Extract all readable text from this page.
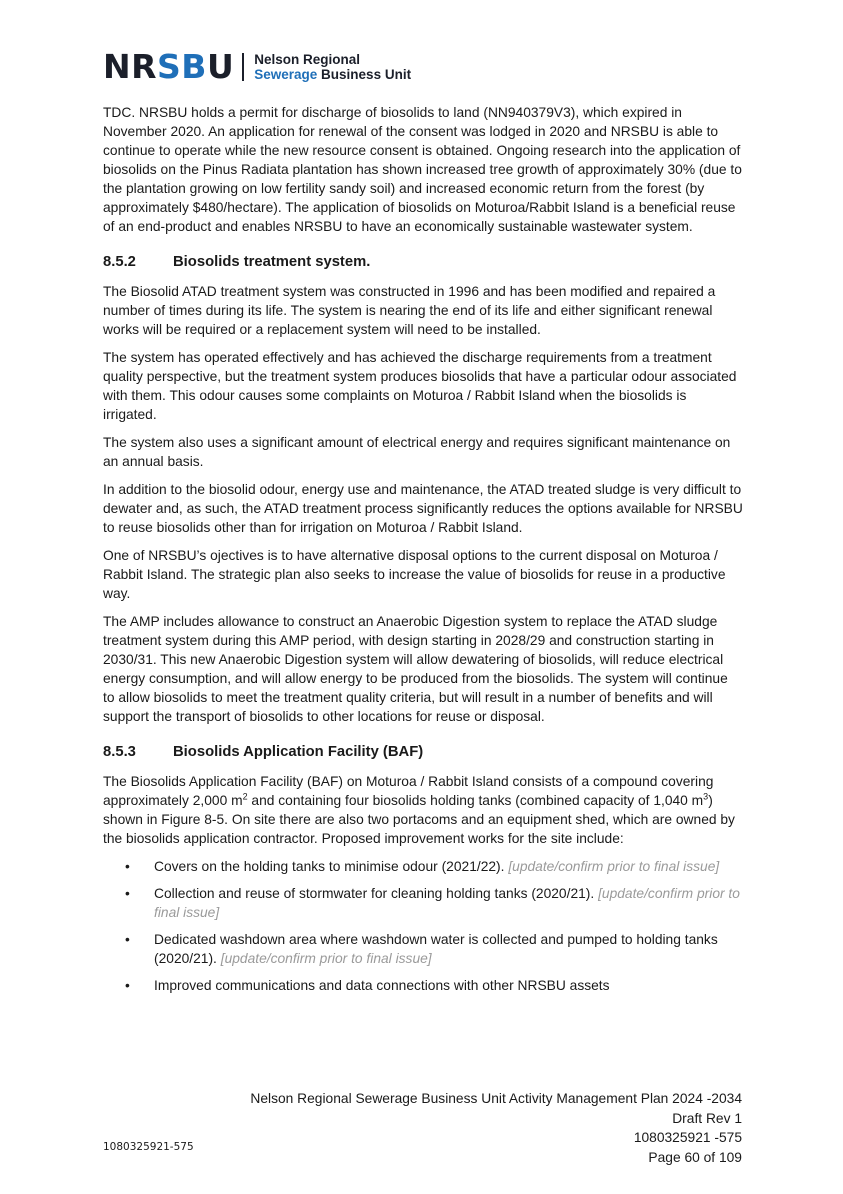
NRSBU Nelson Regional
Sewerage Business Unit

TDC. NRSBU holds a permit for discharge of biosolids to land (NN940379V3), which expired in November 2020. An application for renewal of the consent was lodged in 2020 and NRSBU is able to continue to operate while the new resource consent is obtained. Ongoing research into the application of biosolids on the Pinus Radiata plantation has shown increased tree growth of approximately 30% (due to the plantation growing on low fertility sandy soil) and increased economic return from the forest (by approximately $480/hectare). The application of biosolids on Moturoa/Rabbit Island is a beneficial reuse of an end-product and enables NRSBU to have an economically sustainable wastewater system.

8.5.2	Biosolids treatment system.

The Biosolid ATAD treatment system was constructed in 1996 and has been modified and repaired a number of times during its life. The system is nearing the end of its life and either significant renewal works will be required or a replacement system will need to be installed.

The system has operated effectively and has achieved the discharge requirements from a treatment quality perspective, but the treatment system produces biosolids that have a particular odour associated with them. This odour causes some complaints on Moturoa / Rabbit Island when the biosolids is irrigated.

The system also uses a significant amount of electrical energy and requires significant maintenance on an annual basis.

In addition to the biosolid odour, energy use and maintenance, the ATAD treated sludge is very difficult to dewater and, as such, the ATAD treatment process significantly reduces the options available for NRSBU to reuse biosolids other than for irrigation on Moturoa / Rabbit Island.

One of NRSBU’s ojectives is to have alternative disposal options to the current disposal on Moturoa / Rabbit Island. The strategic plan also seeks to increase the value of biosolids for reuse in a productive way.

The AMP includes allowance to construct an Anaerobic Digestion system to replace the ATAD sludge treatment system during this AMP period, with design starting in 2028/29 and construction starting in 2030/31. This new Anaerobic Digestion system will allow dewatering of biosolids, will reduce electrical energy consumption, and will allow energy to be produced from the biosolids. The system will continue to allow biosolids to meet the treatment quality criteria, but will result in a number of benefits and will support the transport of biosolids to other locations for reuse or disposal.

8.5.3	Biosolids Application Facility (BAF)

The Biosolids Application Facility (BAF) on Moturoa / Rabbit Island consists of a compound covering approximately 2,000 $m^2$ and containing four biosolids holding tanks (combined capacity of 1,040 $m^3$) shown in Figure 8-5. On site there are also two portacoms and an equipment shed, which are owned by the biosolids application contractor. Proposed improvement works for the site include:

• Covers on the holding tanks to minimise odour (2021/22). [update/confirm prior to final issue]
• Collection and reuse of stormwater for cleaning holding tanks (2020/21). [update/confirm prior to final issue]
• Dedicated washdown area where washdown water is collected and pumped to holding tanks (2020/21). [update/confirm prior to final issue]
• Improved communications and data connections with other NRSBU assets
Nelson Regional Sewerage Business Unit Activity Management Plan 2024 -2034
Draft Rev 1
1080325921 -575
Page 60 of 109
1080325921-575
